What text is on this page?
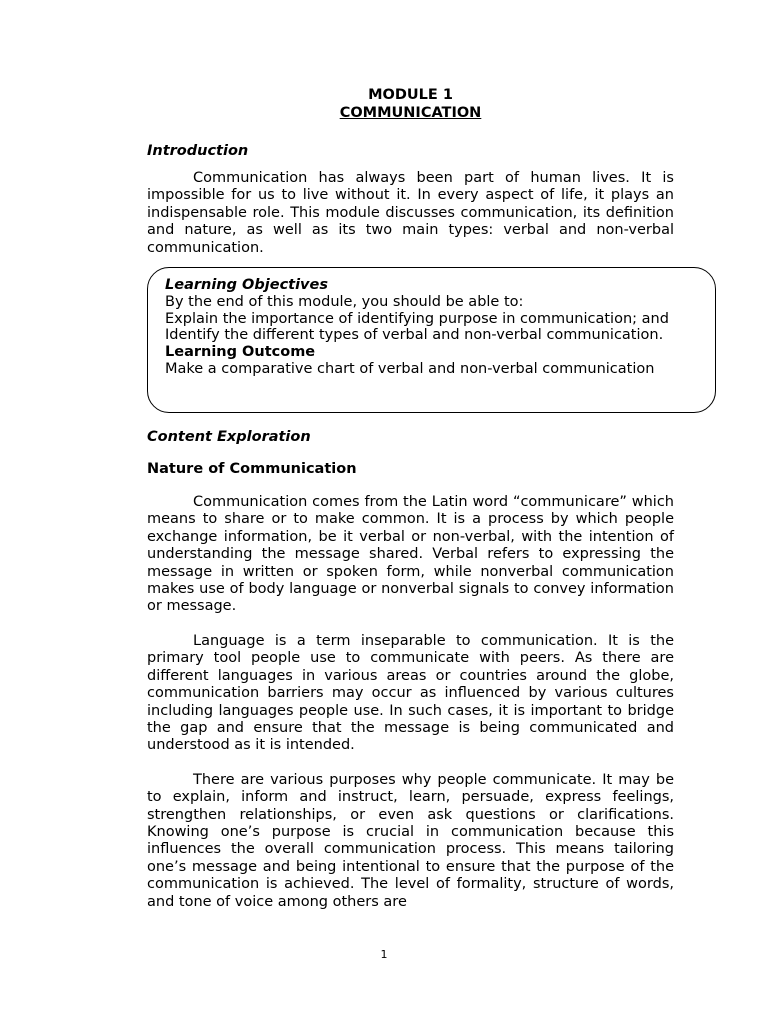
MODULE 1
COMMUNICATION
Introduction

Communication has always been part of human lives. It is impossible for us to live without it. In every aspect of life, it plays an indispensable role. This module discusses communication, its definition and nature, as well as its two main types: verbal and non-verbal communication.

Learning Objectives
By the end of this module, you should be able to:
Explain the importance of identifying purpose in communication; and
Identify the different types of verbal and non-verbal communication.
Learning Outcome
Make a comparative chart of verbal and non-verbal communication
Content Exploration
Nature of Communication

Communication comes from the Latin word “communicare” which means to share or to make common. It is a process by which people exchange information, be it verbal or non-verbal, with the intention of understanding the message shared. Verbal refers to expressing the message in written or spoken form, while nonverbal communication makes use of body language or nonverbal signals to convey information or message.

Language is a term inseparable to communication. It is the primary tool people use to communicate with peers. As there are different languages in various areas or countries around the globe, communication barriers may occur as influenced by various cultures including languages people use. In such cases, it is important to bridge the gap and ensure that the message is being communicated and understood as it is intended.

There are various purposes why people communicate. It may be to explain, inform and instruct, learn, persuade, express feelings, strengthen relationships, or even ask questions or clarifications. Knowing one’s purpose is crucial in communication because this influences the overall communication process. This means tailoring one’s message and being intentional to ensure that the purpose of the communication is achieved. The level of formality, structure of words, and tone of voice among others are

1
